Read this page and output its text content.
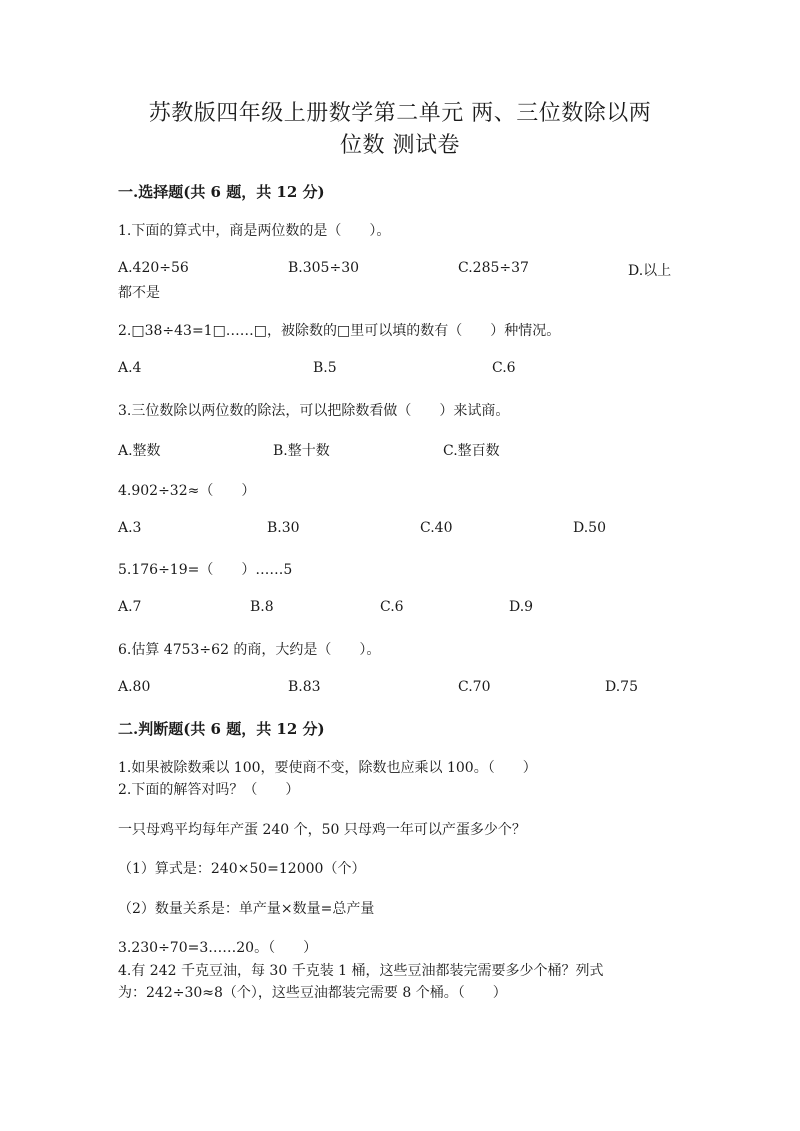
苏教版四年级上册数学第二单元 两、三位数除以两
位数 测试卷
一.选择题(共 6 题，共 12 分)
1.下面的算式中，商是两位数的是（　　）。
A.420÷56	B.305÷30	C.285÷37	D.以上
都不是
2.□38÷43=1□……□，被除数的□里可以填的数有（　　）种情况。
A.4	B.5	C.6
3.三位数除以两位数的除法，可以把除数看做（　　）来试商。
A.整数	B.整十数	C.整百数
4.902÷32≈（　　）
A.3	B.30	C.40	D.50
5.176÷19=（　　）……5
A.7	B.8	C.6	D.9
6.估算 4753÷62 的商，大约是（　　）。
A.80	B.83	C.70	D.75
二.判断题(共 6 题，共 12 分)
1.如果被除数乘以 100，要使商不变，除数也应乘以 100。（　　）
2.下面的解答对吗？（　　）
一只母鸡平均每年产蛋 240 个，50 只母鸡一年可以产蛋多少个？
（1）算式是：240×50=12000（个）
（2）数量关系是：单产量×数量=总产量
3.230÷70=3……20。（　　）
4.有 242 千克豆油，每 30 千克装 1 桶，这些豆油都装完需要多少个桶？列式
为：242÷30≈8（个），这些豆油都装完需要 8 个桶。（　　）
